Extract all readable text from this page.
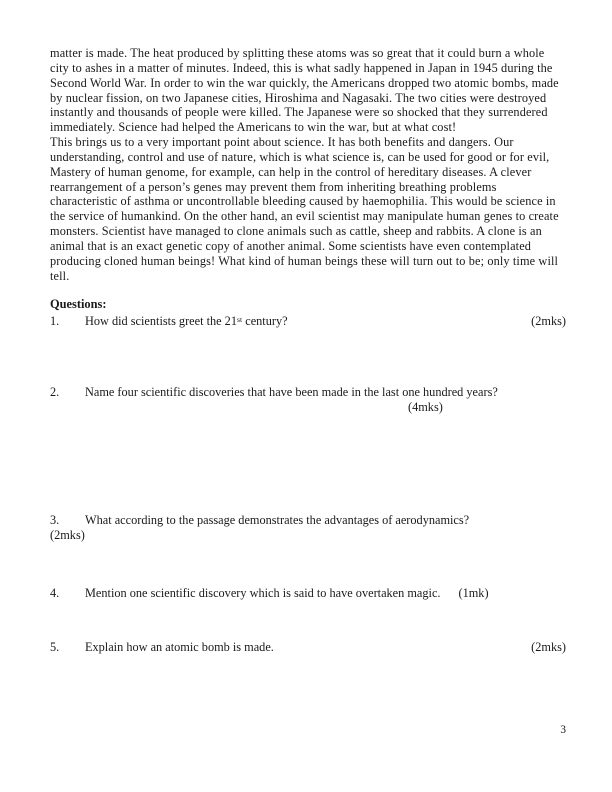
matter is made. The heat produced by splitting these atoms was so great that it could burn a whole city to ashes in a matter of minutes. Indeed, this is what sadly happened in Japan in 1945 during the Second World War. In order to win the war quickly, the Americans dropped two atomic bombs, made by nuclear fission, on two Japanese cities, Hiroshima and Nagasaki. The two cities were destroyed instantly and thousands of people were killed. The Japanese were so shocked that they surrendered immediately. Science had helped the Americans to win the war, but at what cost!

This brings us to a very important point about science. It has both benefits and dangers. Our understanding, control and use of nature, which is what science is, can be used for good or for evil, Mastery of human genome, for example, can help in the control of hereditary diseases. A clever rearrangement of a person’s genes may prevent them from inheriting breathing problems characteristic of asthma or uncontrollable bleeding caused by haemophilia. This would be science in the service of humankind. On the other hand, an evil scientist may manipulate human genes to create monsters. Scientist have managed to clone animals such as cattle, sheep and rabbits. A clone is an animal that is an exact genetic copy of another animal. Some scientists have even contemplated producing cloned human beings! What kind of human beings these will turn out to be; only time will tell.

Questions:
1.	How did scientists greet the 21st century?	(2mks)
2.	Name four scientific discoveries that have been made in the last one hundred years?
(4mks)
3.	What according to the passage demonstrates the advantages of aerodynamics?
(2mks)
4.	Mention one scientific discovery which is said to have overtaken magic. (1mk)
5.	Explain how an atomic bomb is made.	(2mks)
3
